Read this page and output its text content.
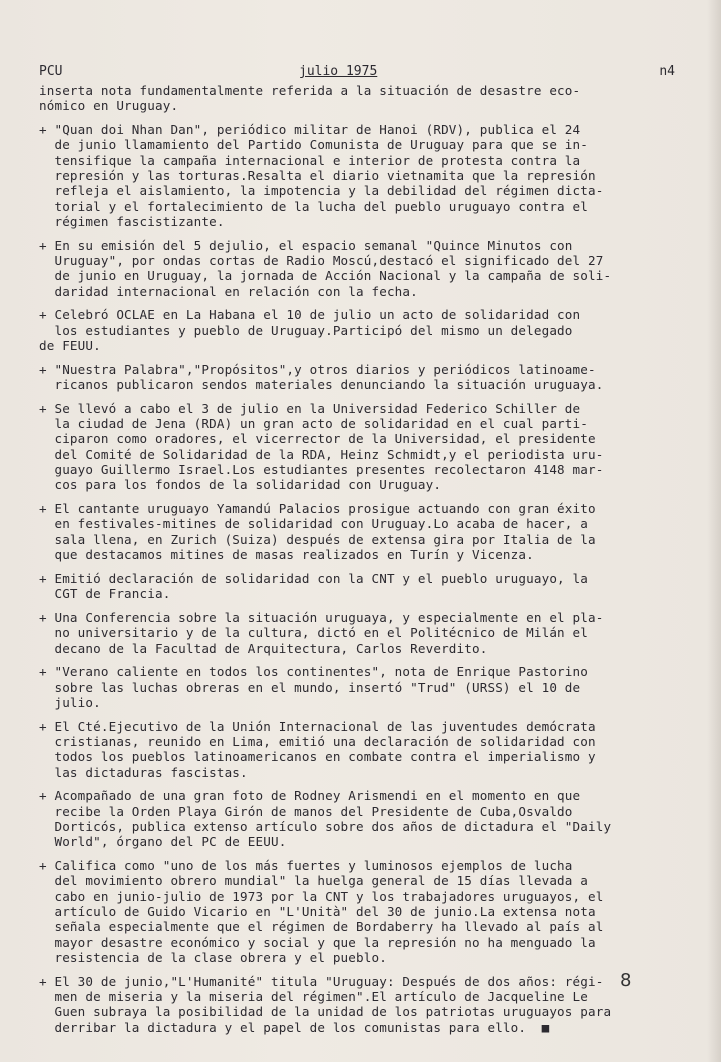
PCU	julio 1975	n4

inserta nota fundamentalmente referida a la situación de desastre eco-
nómico en Uruguay.

+ "Quan doi Nhan Dan", periódico militar de Hanoi (RDV), publica el 24
de junio llamamiento del Partido Comunista de Uruguay para que se in-
tensifique la campaña internacional e interior de protesta contra la
represión y las torturas.Resalta el diario vietnamita que la represión
refleja el aislamiento, la impotencia y la debilidad del régimen dicta-
torial y el fortalecimiento de la lucha del pueblo uruguayo contra el
régimen fascistizante.

+ En su emisión del 5 dejulio, el espacio semanal "Quince Minutos con
Uruguay", por ondas cortas de Radio Moscú,destacó el significado del 27
de junio en Uruguay, la jornada de Acción Nacional y la campaña de soli-
daridad internacional en relación con la fecha.

+ Celebró OCLAE en La Habana el 10 de julio un acto de solidaridad con
los estudiantes y pueblo de Uruguay.Participó del mismo un delegado
de FEUU.

+ "Nuestra Palabra","Propósitos",y otros diarios y periódicos latinoame-
ricanos publicaron sendos materiales denunciando la situación uruguaya.

+ Se llevó a cabo el 3 de julio en la Universidad Federico Schiller de
la ciudad de Jena (RDA) un gran acto de solidaridad en el cual parti-
ciparon como oradores, el vicerrector de la Universidad, el presidente
del Comité de Solidaridad de la RDA, Heinz Schmidt,y el periodista uru-
guayo Guillermo Israel.Los estudiantes presentes recolectaron 4148 mar-
cos para los fondos de la solidaridad con Uruguay.

+ El cantante uruguayo Yamandú Palacios prosigue actuando con gran éxito
en festivales-mitines de solidaridad con Uruguay.Lo acaba de hacer, a
sala llena, en Zurich (Suiza) después de extensa gira por Italia de la
que destacamos mitines de masas realizados en Turín y Vicenza.

+ Emitió declaración de solidaridad con la CNT y el pueblo uruguayo, la
CGT de Francia.

+ Una Conferencia sobre la situación uruguaya, y especialmente en el pla-
no universitario y de la cultura, dictó en el Politécnico de Milán el
decano de la Facultad de Arquitectura, Carlos Reverdito.

+ "Verano caliente en todos los continentes", nota de Enrique Pastorino
sobre las luchas obreras en el mundo, insertó "Trud" (URSS) el 10 de
julio.

+ El Cté.Ejecutivo de la Unión Internacional de las juventudes demócrata
cristianas, reunido en Lima, emitió una declaración de solidaridad con
todos los pueblos latinoamericanos en combate contra el imperialismo y
las dictaduras fascistas.

+ Acompañado de una gran foto de Rodney Arismendi en el momento en que
recibe la Orden Playa Girón de manos del Presidente de Cuba,Osvaldo
Dorticós, publica extenso artículo sobre dos años de dictadura el "Daily
World", órgano del PC de EEUU.

+ Califica como "uno de los más fuertes y luminosos ejemplos de lucha
del movimiento obrero mundial" la huelga general de 15 días llevada a
cabo en junio-julio de 1973 por la CNT y los trabajadores uruguayos, el
artículo de Guido Vicario en "L'Unità" del 30 de junio.La extensa nota
señala especialmente que el régimen de Bordaberry ha llevado al país al
mayor desastre económico y social y que la represión no ha menguado la
resistencia de la clase obrera y el pueblo.

+ El 30 de junio,"L'Humanité" titula "Uruguay: Después de dos años: régi-
men de miseria y la miseria del régimen".El artículo de Jacqueline Le
Guen subraya la posibilidad de la unidad de los patriotas uruguayos para
derribar la dictadura y el papel de los comunistas para ello.  ■

8
